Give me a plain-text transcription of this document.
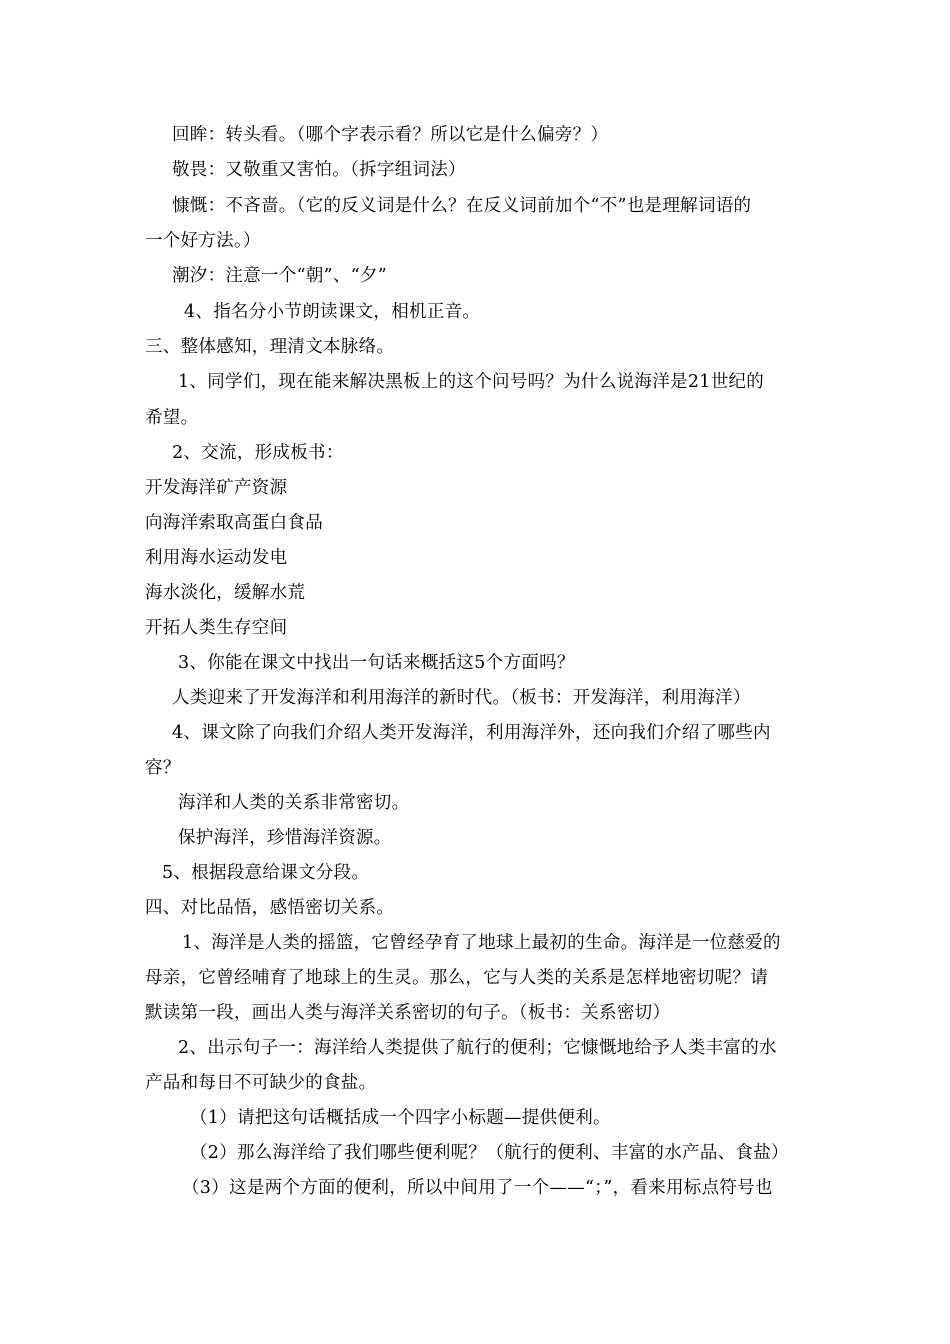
回眸：转头看。（哪个字表示看？所以它是什么偏旁？）
敬畏：又敬重又害怕。（拆字组词法）
慷慨：不吝啬。（它的反义词是什么？在反义词前加个“不”也是理解词语的
一个好方法。）
潮汐：注意一个“朝”、“夕”
4、指名分小节朗读课文，相机正音。
三、整体感知，理清文本脉络。
1、同学们，现在能来解决黑板上的这个问号吗？为什么说海洋是21世纪的
希望。
2、交流，形成板书：
开发海洋矿产资源
向海洋索取高蛋白食品
利用海水运动发电
海水淡化，缓解水荒
开拓人类生存空间
3、你能在课文中找出一句话来概括这5个方面吗？
人类迎来了开发海洋和利用海洋的新时代。（板书：开发海洋，利用海洋）
4、课文除了向我们介绍人类开发海洋，利用海洋外，还向我们介绍了哪些内
容？
海洋和人类的关系非常密切。
保护海洋，珍惜海洋资源。
5、根据段意给课文分段。
四、对比品悟，感悟密切关系。
1、海洋是人类的摇篮，它曾经孕育了地球上最初的生命。海洋是一位慈爱的
母亲，它曾经哺育了地球上的生灵。那么，它与人类的关系是怎样地密切呢？请
默读第一段，画出人类与海洋关系密切的句子。（板书：关系密切）
2、出示句子一：海洋给人类提供了航行的便利；它慷慨地给予人类丰富的水
产品和每日不可缺少的食盐。
（1）请把这句话概括成一个四字小标题—提供便利。
（2）那么海洋给了我们哪些便利呢？（航行的便利、丰富的水产品、食盐）
（3）这是两个方面的便利，所以中间用了一个——“；”，看来用标点符号也
